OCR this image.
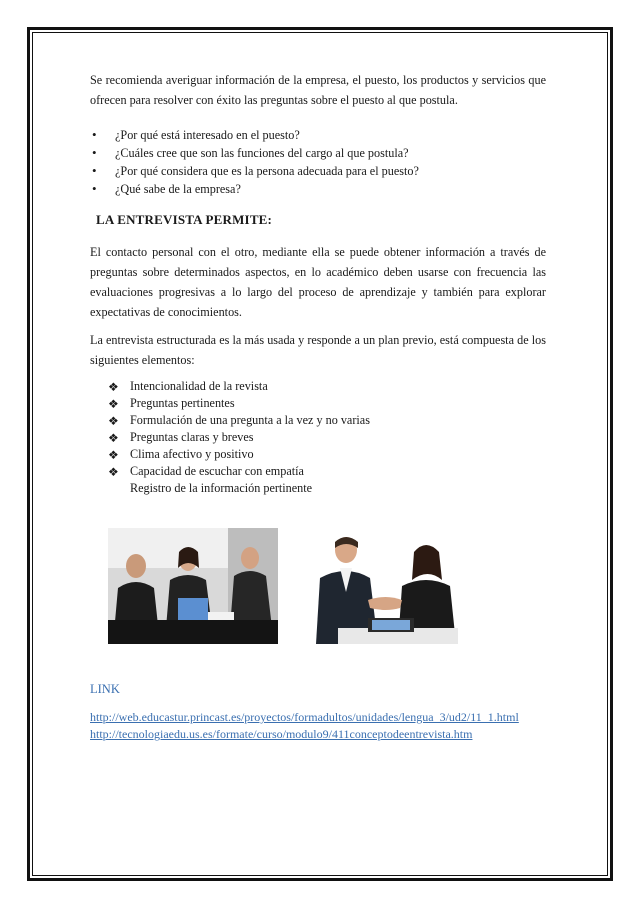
Se recomienda averiguar información de la empresa, el puesto, los productos y servicios que ofrecen para resolver con éxito las preguntas sobre el puesto al que postula.

• ¿Por qué está interesado en el puesto?
• ¿Cuáles cree que son las funciones del cargo al que postula?
• ¿Por qué considera que es la persona adecuada para el puesto?
• ¿Qué sabe de la empresa?
LA ENTREVISTA PERMITE:

El contacto personal con el otro, mediante ella se puede obtener información a través de preguntas sobre determinados aspectos, en lo académico deben usarse con frecuencia las evaluaciones progresivas a lo largo del proceso de aprendizaje y también para explorar expectativas de conocimientos.

La entrevista estructurada es la más usada y responde a un plan previo, está compuesta de los siguientes elementos:

❖ Intencionalidad de la revista
❖ Preguntas pertinentes
❖ Formulación de una pregunta a la vez y no varias
❖ Preguntas claras y breves
❖ Clima afectivo y positivo
❖ Capacidad de escuchar con empatía
Registro de la información pertinente
LINK
http://web.educastur.princast.es/proyectos/formadultos/unidades/lengua_3/ud2/11_1.html
http://tecnologiaedu.us.es/formate/curso/modulo9/411conceptodeentrevista.htm
